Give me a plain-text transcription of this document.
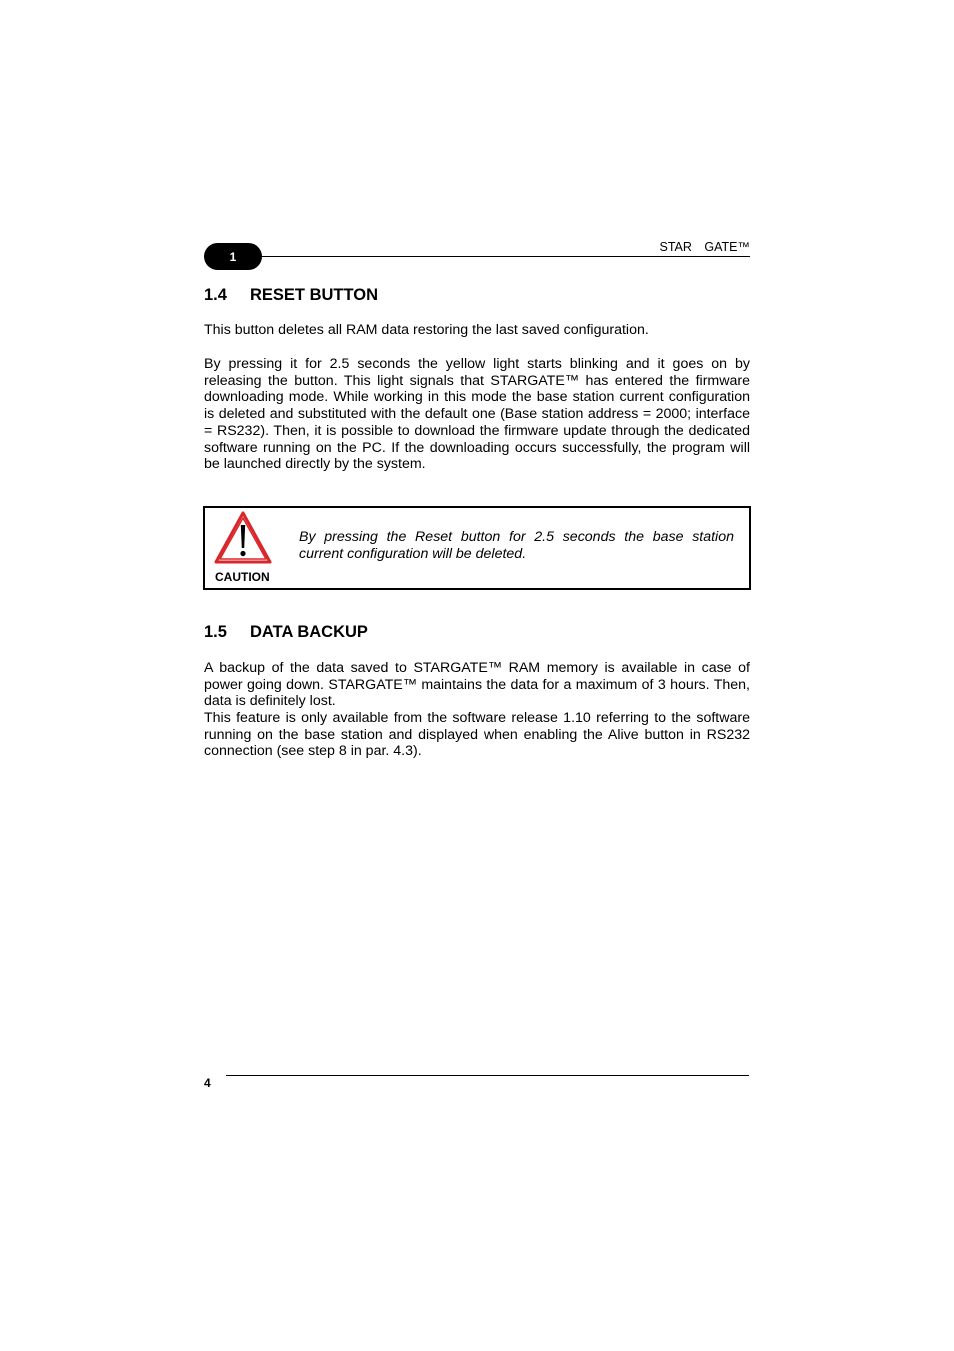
1
STAR GATE™
1.4 RESET BUTTON

This button deletes all RAM data restoring the last saved configuration.

By pressing it for 2.5 seconds the yellow light starts blinking and it goes on by releasing the button. This light signals that STARGATE™ has entered the firmware downloading mode. While working in this mode the base station current configuration is deleted and substituted with the default one (Base station address = 2000; interface = RS232). Then, it is possible to download the firmware update through the dedicated software running on the PC. If the downloading occurs successfully, the program will be launched directly by the system.

CAUTION

By pressing the Reset button for 2.5 seconds the base station current configuration will be deleted.

1.5 DATA BACKUP

A backup of the data saved to STARGATE™ RAM memory is available in case of power going down. STARGATE™ maintains the data for a maximum of 3 hours. Then, data is definitely lost.

This feature is only available from the software release 1.10 referring to the software running on the base station and displayed when enabling the Alive button in RS232 connection (see step 8 in par. 4.3).

4
